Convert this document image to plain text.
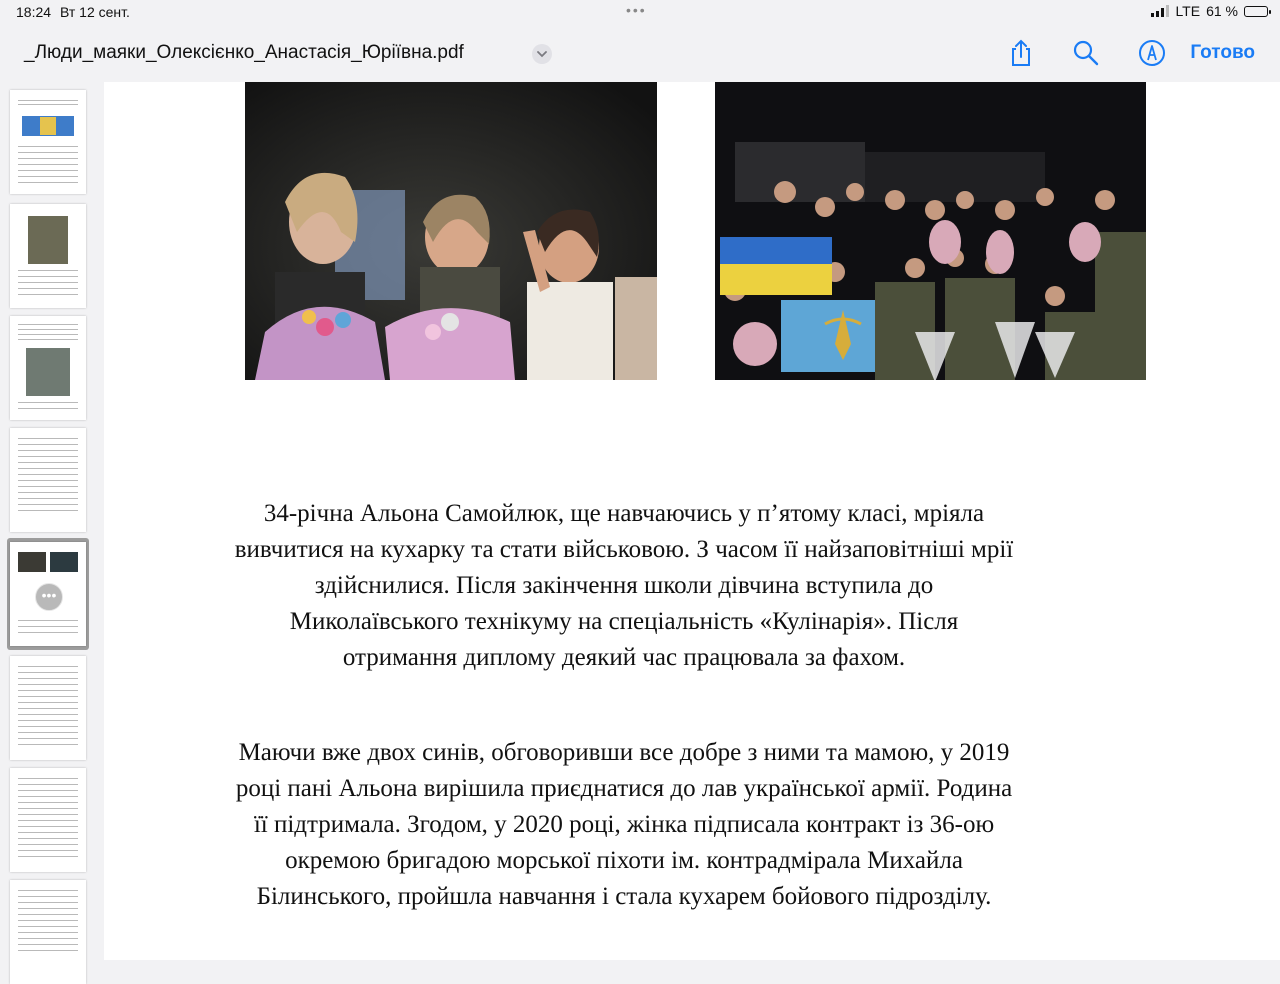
18:24 Вт 12 сент.	•••	LTE 61 %
_Люди_маяки_Олексієнко_Анастасія_Юріївна.pdf	Готово
•••

34-річна Альона Самойлюк, ще навчаючись у п’ятому класі, мріяла вивчитися на кухарку та стати військовою. З часом її найзаповітніші мрії здійснилися. Після закінчення школи дівчина вступила до Миколаївського технікуму на спеціальність «Кулінарія». Після отримання диплому деякий час працювала за фахом.

Маючи вже двох синів, обговоривши все добре з ними та мамою, у 2019 році пані Альона вирішила приєднатися до лав української армії. Родина її підтримала. Згодом, у 2020 році, жінка підписала контракт із 36-ою окремою бригадою морської піхоти ім. контрадмірала Михайла Білинського, пройшла навчання і стала кухарем бойового підрозділу.
